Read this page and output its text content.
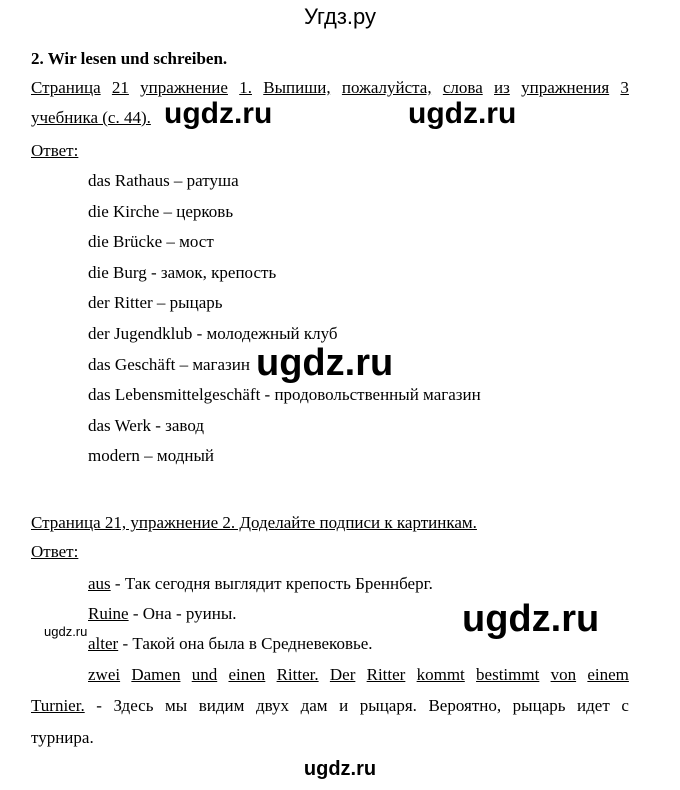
Угдз.ру
2. Wir lesen und schreiben.
Страница 21 упражнение 1. Выпиши, пожалуйста, слова из упражнения 3
учебника (с. 44).
Ответ:
das Rathaus – ратуша
die Kirche – церковь
die Brücke – мост
die Burg - замок, крепость
der Ritter – рыцарь
der Jugendklub - молодежный клуб
das Geschäft – магазин
das Lebensmittelgeschäft - продовольственный магазин
das Werk - завод
modern – модный
Страница 21, упражнение 2. Доделайте подписи к картинкам.
Ответ:
aus - Так сегодня выглядит крепость Бреннберг.
Ruine - Она - руины.
alter - Такой она была в Средневековье.
zwei Damen und einen Ritter. Der Ritter kommt bestimmt von einem
Turnier. - Здесь мы видим двух дам и рыцаря. Вероятно, рыцарь идет с
турнира.
ugdz.ru	ugdz.ru
ugdz.ru
ugdz.ru
ugdz.ru
ugdz.ru
